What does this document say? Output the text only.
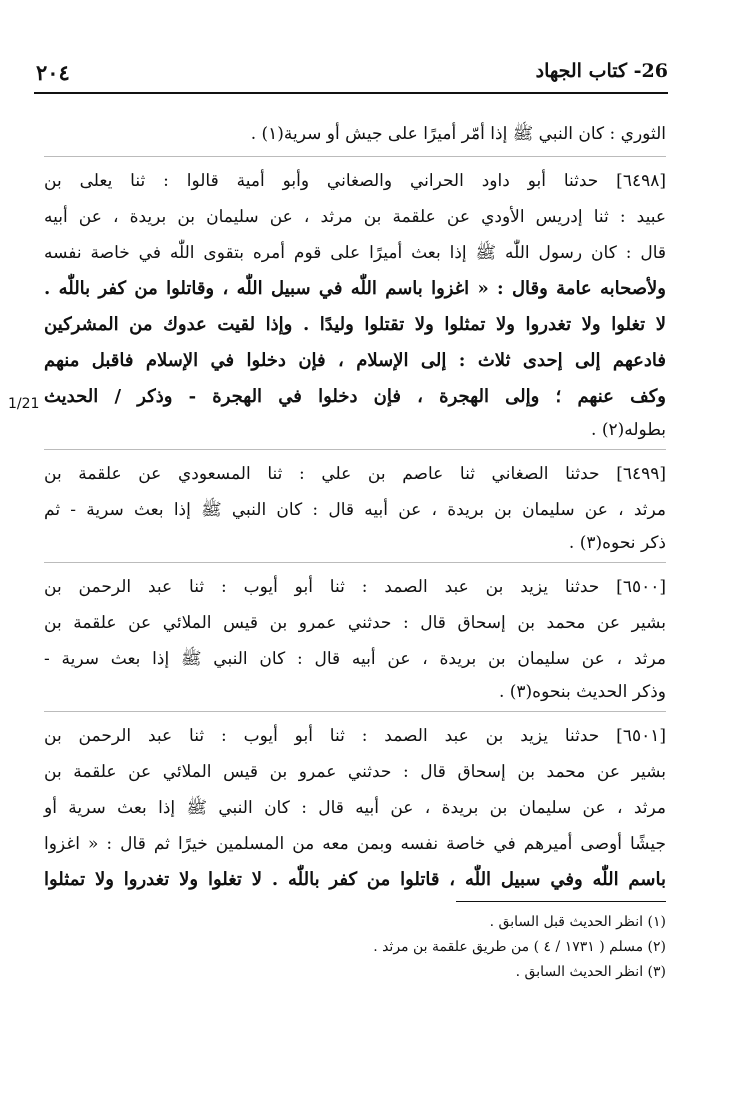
26- كتاب الجهاد
٢٠٤
1/21
الثوري : كان النبي ﷺ إذا أمّر أميرًا على جيش أو سرية(١) .
[٦٤٩٨] حدثنا أبو داود الحراني والصغاني وأبو أمية قالوا : ثنا يعلى بن
عبيد : ثنا إدريس الأودي عن علقمة بن مرثد ، عن سليمان بن بريدة ، عن أبيه
قال : كان رسول اللّٰه ﷺ إذا بعث أميرًا على قوم أمره بتقوى اللّٰه في خاصة نفسه
ولأصحابه عامة وقال : « اغزوا باسم اللّٰه في سبيل اللّٰه ، وقاتلوا من كفر باللّٰه .
لا تغلوا ولا تغدروا ولا تمثلوا ولا تقتلوا وليدًا . وإذا لقيت عدوك من المشركين
فادعهم إلى إحدى ثلاث : إلى الإسلام ، فإن دخلوا في الإسلام فاقبل منهم
وكف عنهم ؛ وإلى الهجرة ، فإن دخلوا في الهجرة - وذكر / الحديث
بطوله(٢) .
[٦٤٩٩] حدثنا الصغاني ثنا عاصم بن علي : ثنا المسعودي عن علقمة بن
مرثد ، عن سليمان بن بريدة ، عن أبيه قال : كان النبي ﷺ إذا بعث سرية - ثم
ذكر نحوه(٣) .
[٦٥٠٠] حدثنا يزيد بن عبد الصمد : ثنا أبو أيوب : ثنا عبد الرحمن بن
بشير عن محمد بن إسحاق قال : حدثني عمرو بن قيس الملائي عن علقمة بن
مرثد ، عن سليمان بن بريدة ، عن أبيه قال : كان النبي ﷺ إذا بعث سرية -
وذكر الحديث بنحوه(٣) .
[٦٥٠١] حدثنا يزيد بن عبد الصمد : ثنا أبو أيوب : ثنا عبد الرحمن بن
بشير عن محمد بن إسحاق قال : حدثني عمرو بن قيس الملائي عن علقمة بن
مرثد ، عن سليمان بن بريدة ، عن أبيه قال : كان النبي ﷺ إذا بعث سرية أو
جيشًا أوصى أميرهم في خاصة نفسه وبمن معه من المسلمين خيرًا ثم قال : « اغزوا
باسم اللّٰه وفي سبيل اللّٰه ، قاتلوا من كفر باللّٰه . لا تغلوا ولا تغدروا ولا تمثلوا
(١) انظر الحديث قبل السابق .
(٢) مسلم ( ١٧٣١ / ٤ ) من طريق علقمة بن مرثد .
(٣) انظر الحديث السابق .
